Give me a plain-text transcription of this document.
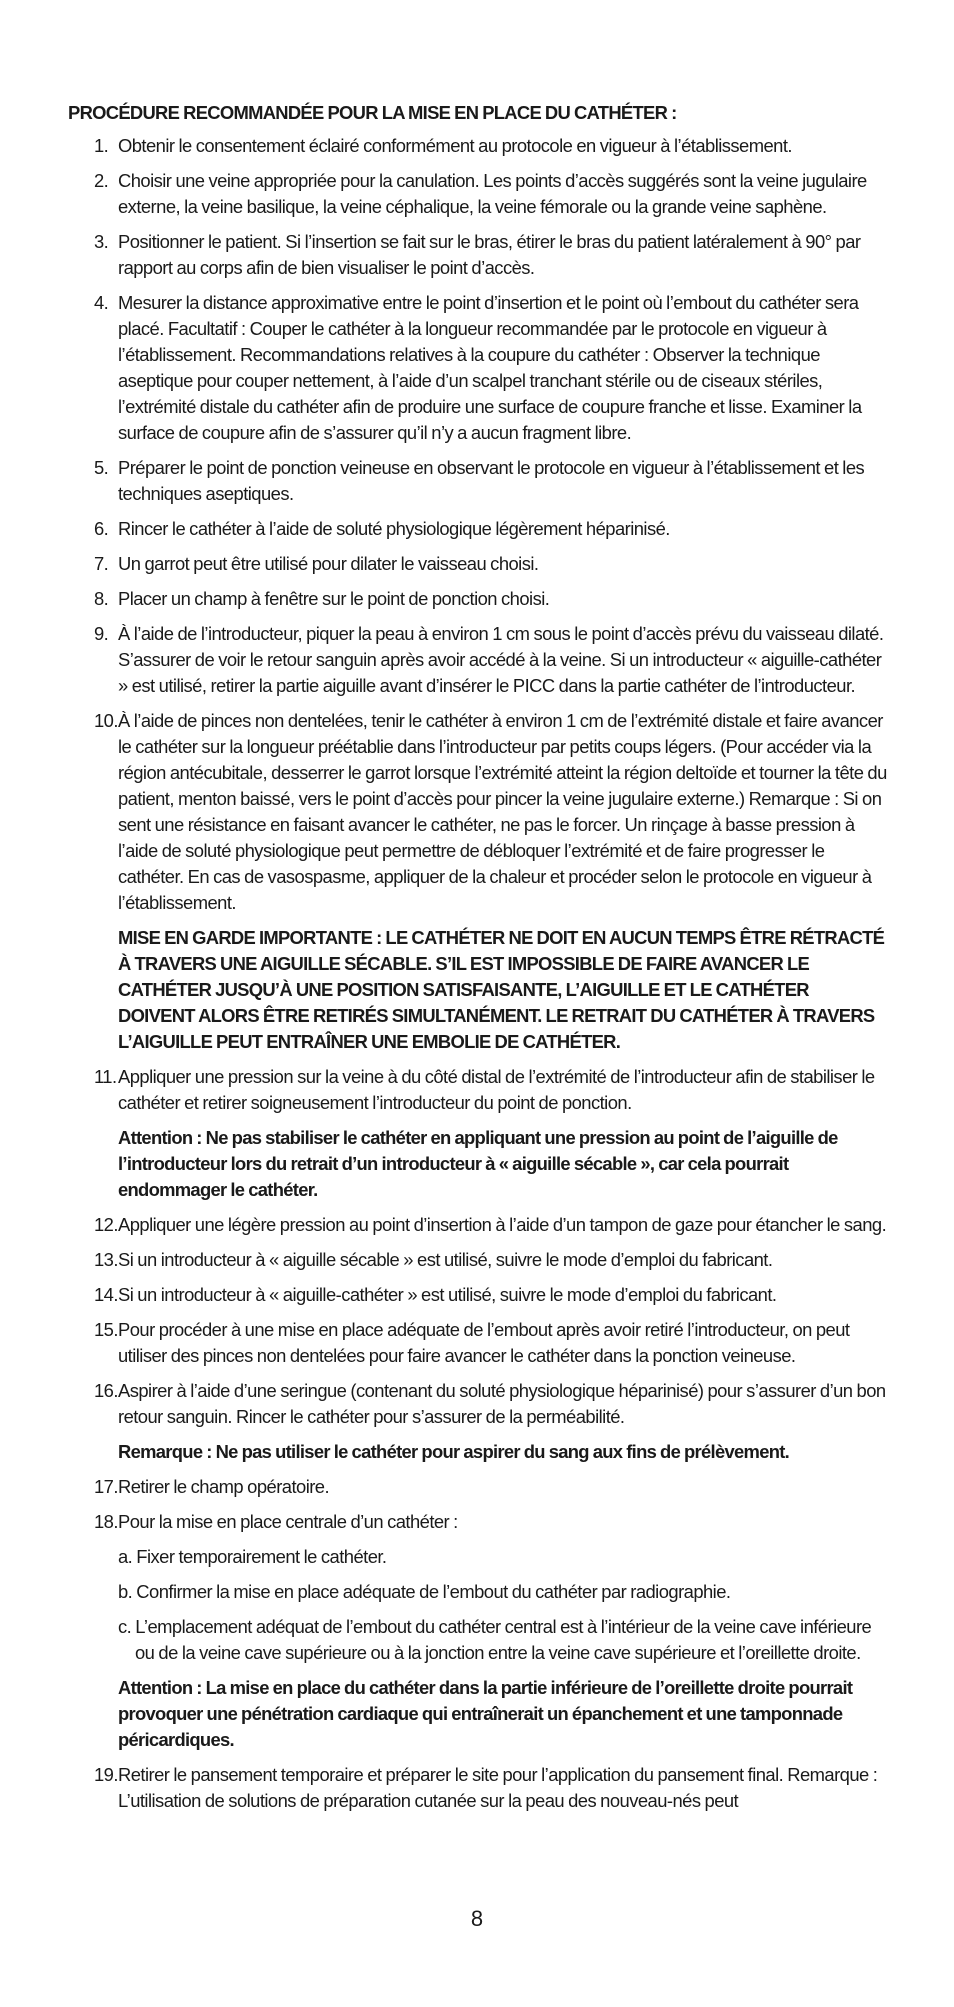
PROCÉDURE RECOMMANDÉE POUR LA MISE EN PLACE DU CATHÉTER :
1. Obtenir le consentement éclairé conformément au protocole en vigueur à l’établissement.
2. Choisir une veine appropriée pour la canulation. Les points d’accès suggérés sont la veine jugulaire externe, la veine basilique, la veine céphalique, la veine fémorale ou la grande veine saphène.
3. Positionner le patient. Si l’insertion se fait sur le bras, étirer le bras du patient latéralement à 90° par rapport au corps afin de bien visualiser le point d’accès.
4. Mesurer la distance approximative entre le point d’insertion et le point où l’embout du cathéter sera placé. Facultatif : Couper le cathéter à la longueur recommandée par le protocole en vigueur à l’établissement. Recommandations relatives à la coupure du cathéter : Observer la technique aseptique pour couper nettement, à l’aide d’un scalpel tranchant stérile ou de ciseaux stériles, l’extrémité distale du cathéter afin de produire une surface de coupure franche et lisse. Examiner la surface de coupure afin de s’assurer qu’il n’y a aucun fragment libre.
5. Préparer le point de ponction veineuse en observant le protocole en vigueur à l’établissement et les techniques aseptiques.
6. Rincer le cathéter à l’aide de soluté physiologique légèrement héparinisé.
7. Un garrot peut être utilisé pour dilater le vaisseau choisi.
8. Placer un champ à fenêtre sur le point de ponction choisi.
9. À l’aide de l’introducteur, piquer la peau à environ 1 cm sous le point d’accès prévu du vaisseau dilaté. S’assurer de voir le retour sanguin après avoir accédé à la veine. Si un introducteur « aiguille-cathéter » est utilisé, retirer la partie aiguille avant d’insérer le PICC dans la partie cathéter de l’introducteur.
10. À l’aide de pinces non dentelées, tenir le cathéter à environ 1 cm de l’extrémité distale et faire avancer le cathéter sur la longueur préétablie dans l’introducteur par petits coups légers. (Pour accéder via la région antécubitale, desserrer le garrot lorsque l’extrémité atteint la région deltoïde et tourner la tête du patient, menton baissé, vers le point d’accès pour pincer la veine jugulaire externe.) Remarque : Si on sent une résistance en faisant avancer le cathéter, ne pas le forcer. Un rinçage à basse pression à l’aide de soluté physiologique peut permettre de débloquer l’extrémité et de faire progresser le cathéter. En cas de vasospasme, appliquer de la chaleur et procéder selon le protocole en vigueur à l’établissement.
MISE EN GARDE IMPORTANTE : LE CATHÉTER NE DOIT EN AUCUN TEMPS ÊTRE RÉTRACTÉ À TRAVERS UNE AIGUILLE SÉCABLE. S’IL EST IMPOSSIBLE DE FAIRE AVANCER LE CATHÉTER JUSQU’À UNE POSITION SATISFAISANTE, L’AIGUILLE ET LE CATHÉTER DOIVENT ALORS ÊTRE RETIRÉS SIMULTANÉMENT. LE RETRAIT DU CATHÉTER À TRAVERS L’AIGUILLE PEUT ENTRAÎNER UNE EMBOLIE DE CATHÉTER.
11. Appliquer une pression sur la veine à du côté distal de l’extrémité de l’introducteur afin de stabiliser le cathéter et retirer soigneusement l’introducteur du point de ponction.
Attention : Ne pas stabiliser le cathéter en appliquant une pression au point de l’aiguille de l’introducteur lors du retrait d’un introducteur à « aiguille sécable », car cela pourrait endommager le cathéter.
12. Appliquer une légère pression au point d’insertion à l’aide d’un tampon de gaze pour étancher le sang.
13. Si un introducteur à « aiguille sécable » est utilisé, suivre le mode d’emploi du fabricant.
14. Si un introducteur à « aiguille-cathéter » est utilisé, suivre le mode d’emploi du fabricant.
15. Pour procéder à une mise en place adéquate de l’embout après avoir retiré l’introducteur, on peut utiliser des pinces non dentelées pour faire avancer le cathéter dans la ponction veineuse.
16. Aspirer à l’aide d’une seringue (contenant du soluté physiologique héparinisé) pour s’assurer d’un bon retour sanguin. Rincer le cathéter pour s’assurer de la perméabilité.
Remarque : Ne pas utiliser le cathéter pour aspirer du sang aux fins de prélèvement.
17. Retirer le champ opératoire.
18. Pour la mise en place centrale d’un cathéter :
a. Fixer temporairement le cathéter.
b. Confirmer la mise en place adéquate de l’embout du cathéter par radiographie.
c. L’emplacement adéquat de l’embout du cathéter central est à l’intérieur de la veine cave inférieure ou de la veine cave supérieure ou à la jonction entre la veine cave supérieure et l’oreillette droite.
Attention : La mise en place du cathéter dans la partie inférieure de l’oreillette droite pourrait provoquer une pénétration cardiaque qui entraînerait un épanchement et une tamponnade péricardiques.
19. Retirer le pansement temporaire et préparer le site pour l’application du pansement final. Remarque : L’utilisation de solutions de préparation cutanée sur la peau des nouveau-nés peut
8
